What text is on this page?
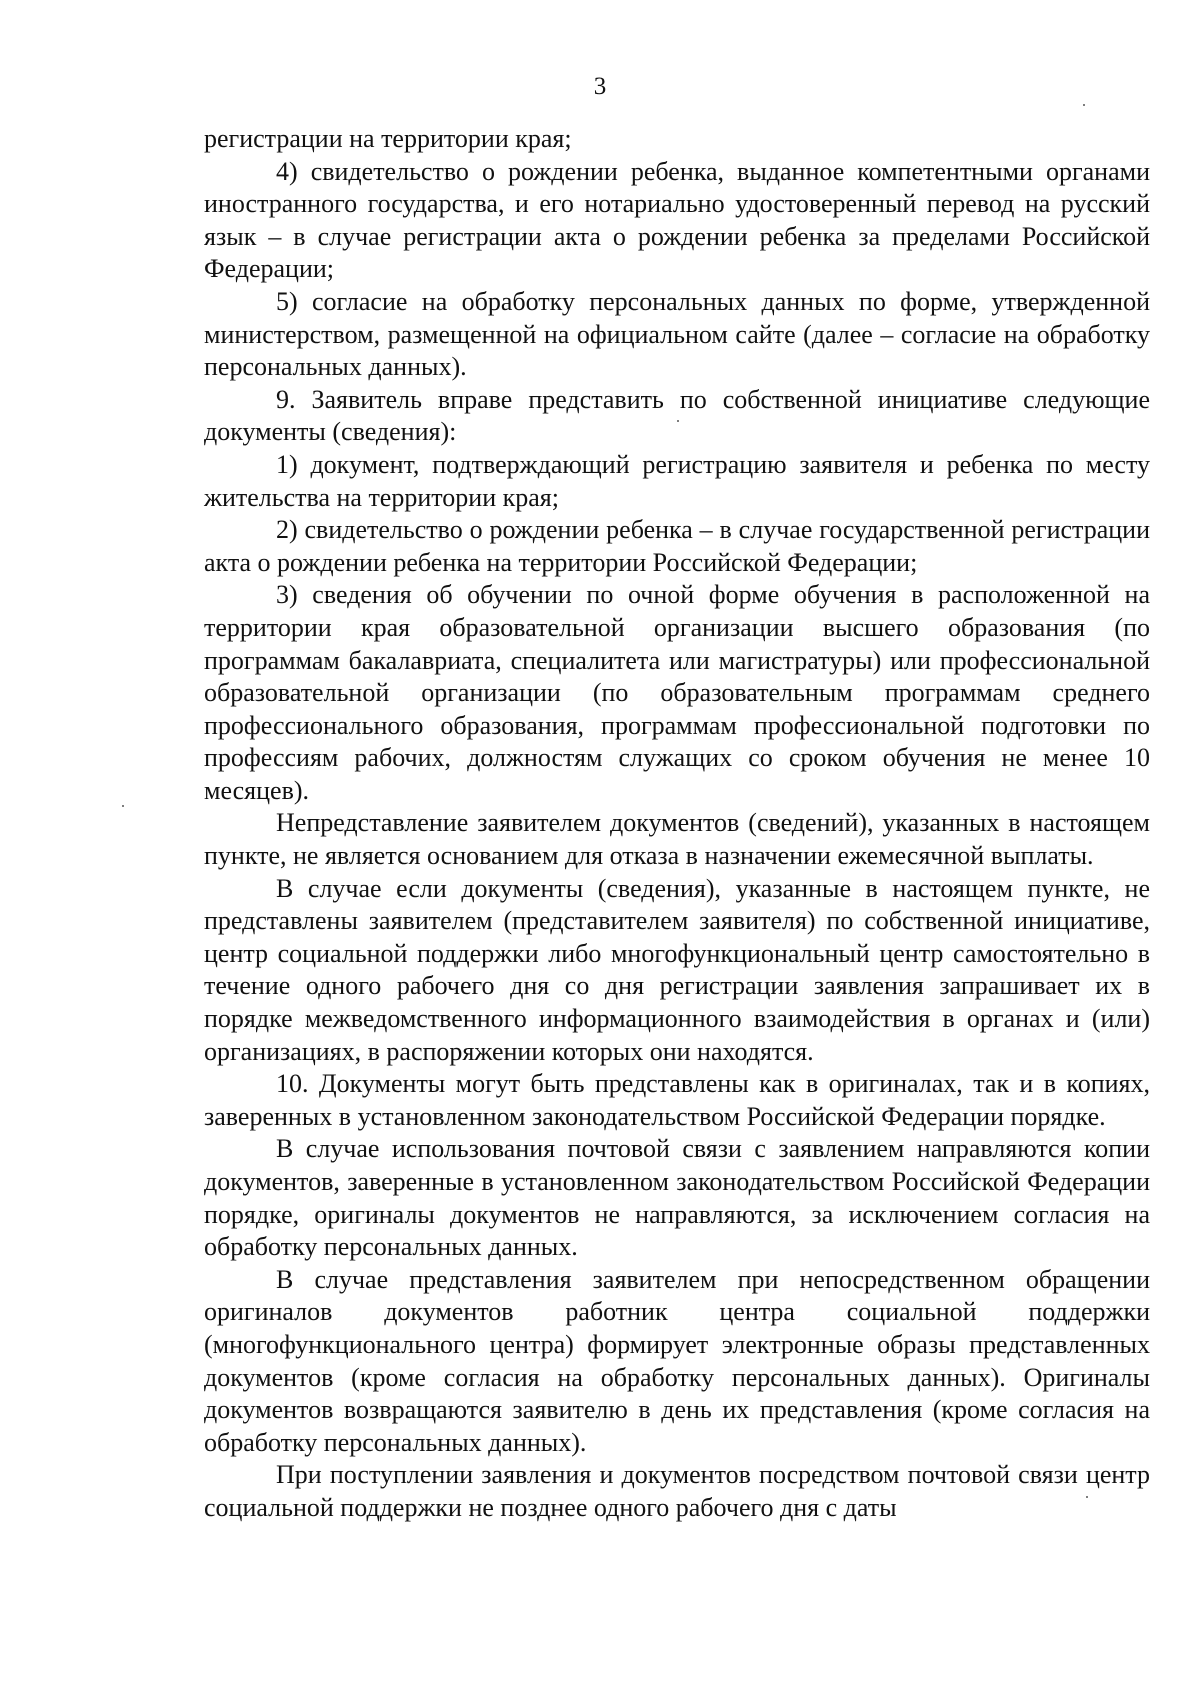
3

регистрации на территории края;

4) свидетельство о рождении ребенка, выданное компетентными органами иностранного государства, и его нотариально удостоверенный перевод на русский язык – в случае регистрации акта о рождении ребенка за пределами Российской Федерации;

5) согласие на обработку персональных данных по форме, утвержденной министерством, размещенной на официальном сайте (далее – согласие на обработку персональных данных).

9. Заявитель вправе представить по собственной инициативе следующие документы (сведения):

1) документ, подтверждающий регистрацию заявителя и ребенка по месту жительства на территории края;

2) свидетельство о рождении ребенка – в случае государственной регистрации акта о рождении ребенка на территории Российской Федерации;

3) сведения об обучении по очной форме обучения в расположенной на территории края образовательной организации высшего образования (по программам бакалавриата, специалитета или магистратуры) или профессиональной образовательной организации (по образовательным программам среднего профессионального образования, программам профессиональной подготовки по профессиям рабочих, должностям служащих со сроком обучения не менее 10 месяцев).

Непредставление заявителем документов (сведений), указанных в настоящем пункте, не является основанием для отказа в назначении ежемесячной выплаты.

В случае если документы (сведения), указанные в настоящем пункте, не представлены заявителем (представителем заявителя) по собственной инициативе, центр социальной поддержки либо многофункциональный центр самостоятельно в течение одного рабочего дня со дня регистрации заявления запрашивает их в порядке межведомственного информационного взаимодействия в органах и (или) организациях, в распоряжении которых они находятся.

10. Документы могут быть представлены как в оригиналах, так и в копиях, заверенных в установленном законодательством Российской Федерации порядке.

В случае использования почтовой связи с заявлением направляются копии документов, заверенные в установленном законодательством Российской Федерации порядке, оригиналы документов не направляются, за исключением согласия на обработку персональных данных.

В случае представления заявителем при непосредственном обращении оригиналов документов работник центра социальной поддержки (многофункционального центра) формирует электронные образы представленных документов (кроме согласия на обработку персональных данных). Оригиналы документов возвращаются заявителю в день их представления (кроме согласия на обработку персональных данных).

При поступлении заявления и документов посредством почтовой связи центр социальной поддержки не позднее одного рабочего дня с даты
